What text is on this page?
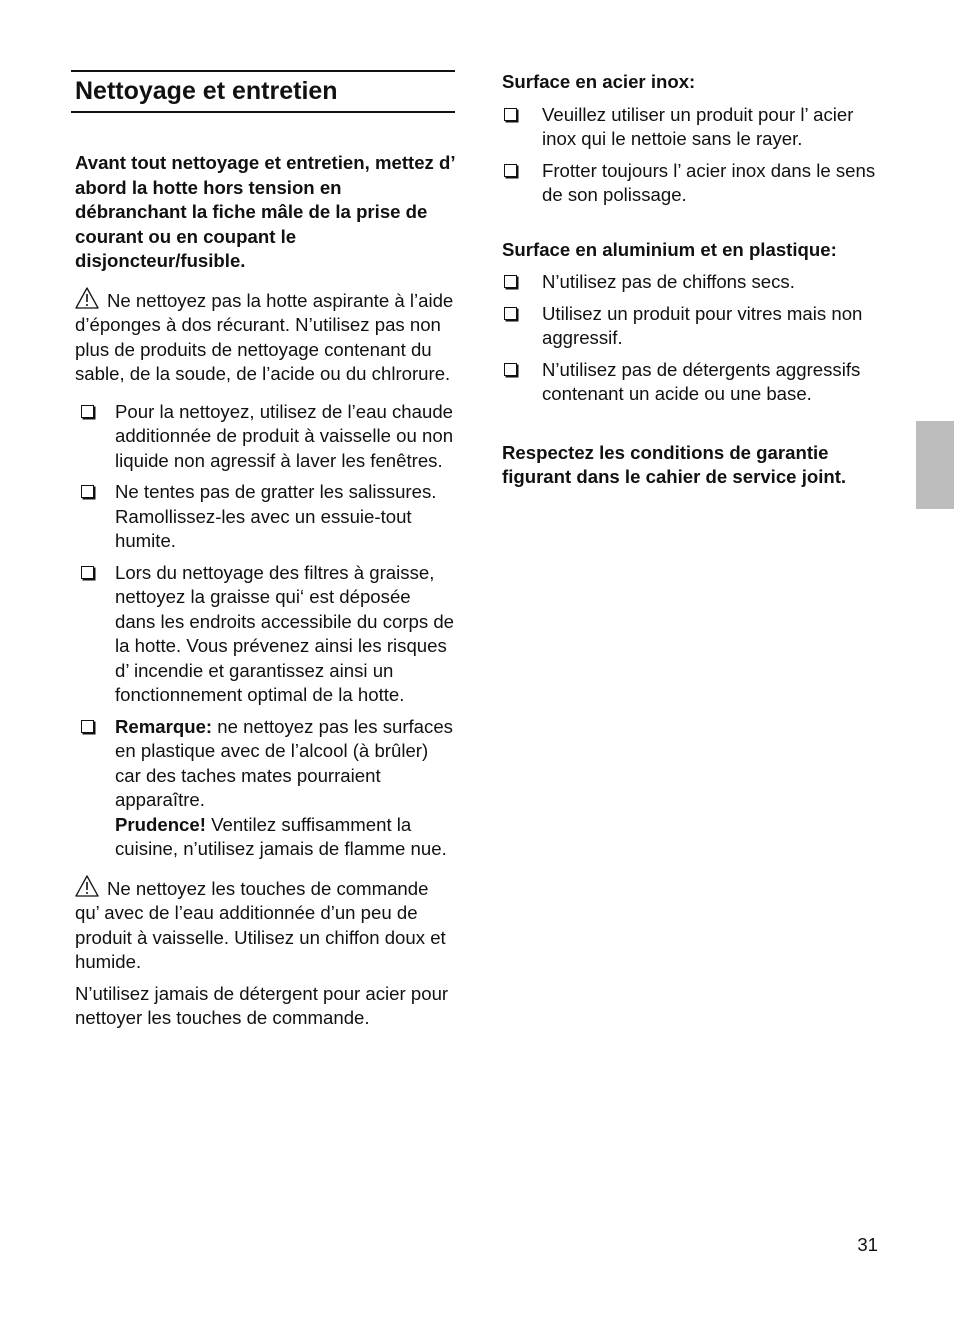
Nettoyage et entretien

Avant tout nettoyage et entretien, mettez d’ abord la hotte hors tension en débranchant la fiche mâle de la prise de courant ou en coupant le disjoncteur/fusible.

Ne nettoyez pas la hotte aspirante à l’aide d’éponges à dos récurant. N’utilisez pas non plus de produits de nettoyage contenant du sable, de la soude, de l’acide ou du chlrorure.

Pour la nettoyez, utilisez de l’eau chaude additionnée de produit à vaisselle ou non liquide non agressif à laver les fenêtres.
Ne tentes pas de gratter les salissures. Ramollissez-les avec un essuie-tout humite.
Lors du nettoyage des filtres à graisse, nettoyez la graisse qui‘ est déposée dans les endroits accessibile du corps de la hotte. Vous prévenez ainsi les risques d’ incendie et garantissez ainsi un fonctionnement optimal de la hotte.
Remarque: ne nettoyez pas les surfaces en plastique avec de l’alcool (à brûler) car des taches mates pourraient apparaître.
Prudence! Ventilez suffisamment la cuisine, n’utilisez jamais de flamme nue.

Ne nettoyez les touches de commande qu’ avec de l’eau additionnée d’un peu de produit à vaisselle. Utilisez un chiffon doux et humide.

N’utilisez jamais de détergent pour acier pour nettoyer les touches de commande.

Surface en acier inox:

Veuillez utiliser un produit pour l’ acier inox qui le nettoie sans le rayer.
Frotter toujours l’ acier inox dans le sens de son polissage.

Surface en aluminium et en plastique:

N’utilisez pas de chiffons secs.
Utilisez un produit pour vitres mais non aggressif.
N’utilisez pas de détergents aggressifs contenant un acide ou une base.

Respectez les conditions de garantie figurant dans le cahier de service joint.

31
